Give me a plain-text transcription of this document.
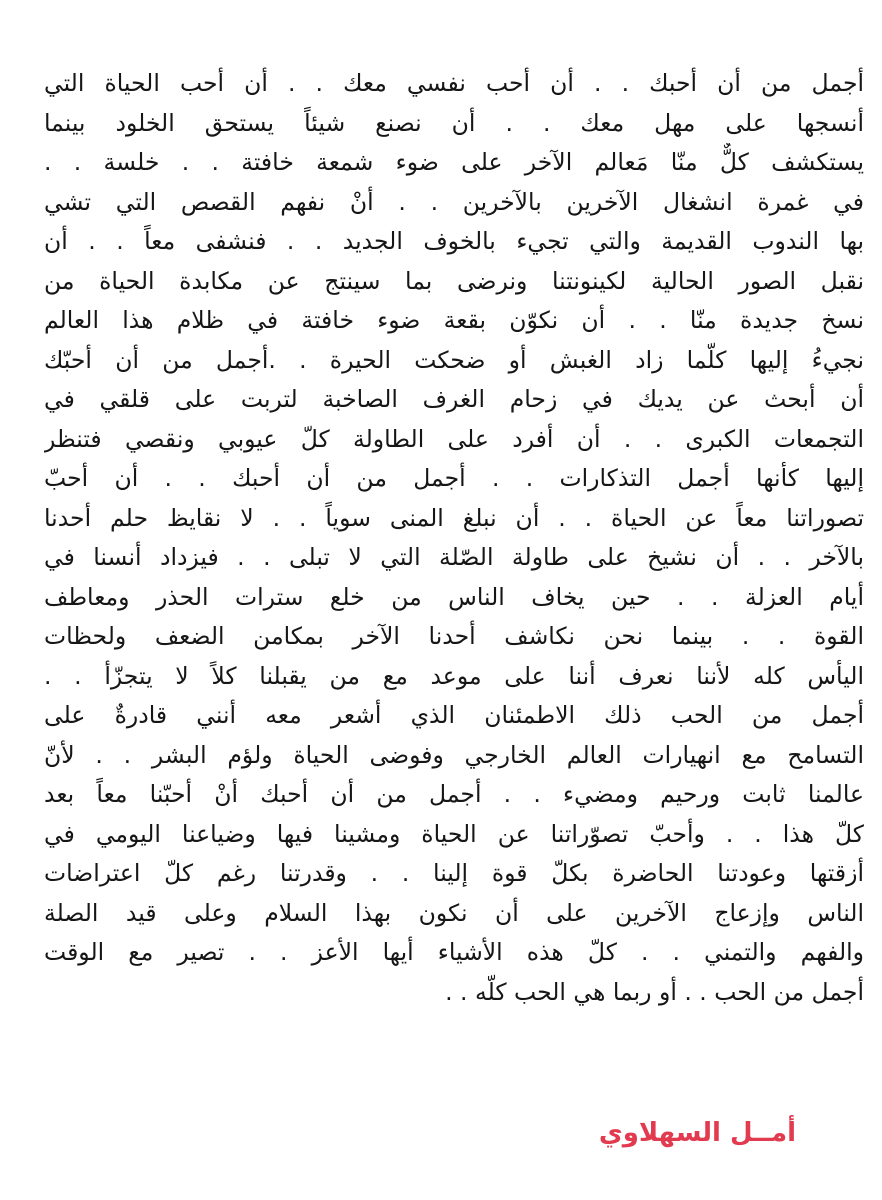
أجمل من أن أحبك . . أن أحب نفسي معك . . أن أحب الحياة التي
أنسجها على مهل معك . . أن نصنع شيئاً يستحق الخلود بينما
يستكشف كلٌّ منّا مَعالم الآخر على ضوء شمعة خافتة . . خلسة . .
في غمرة انشغال الآخرين بالآخرين . . أنْ نفهم القصص التي تشي
بها الندوب القديمة والتي تجيء بالخوف الجديد . . فنشفى معاً . . أن
نقبل الصور الحالية لكينونتنا ونرضى بما سينتج عن مكابدة الحياة من
نسخ جديدة منّا . . أن نكوّن بقعة ضوء خافتة في ظلام هذا العالم
نجيءُ إليها كلّما زاد الغبش أو ضحكت الحيرة . .أجمل من أن أحبّك
أن أبحث عن يديك في زحام الغرف الصاخبة لتربت على قلقي في
التجمعات الكبرى . . أن أفرد على الطاولة كلّ عيوبي ونقصي فتنظر
إليها كأنها أجمل التذكارات . . أجمل من أن أحبك . . أن أحبّ
تصوراتنا معاً عن الحياة . . أن نبلغ المنى سوياً . . لا نقايظ حلم أحدنا
بالآخر . . أن نشيخ على طاولة الصّلة التي لا تبلى . . فيزداد أنسنا في
أيام العزلة . . حين يخاف الناس من خلع سترات الحذر ومعاطف
القوة . . بينما نحن نكاشف أحدنا الآخر بمكامن الضعف ولحظات
اليأس كله لأننا نعرف أننا على موعد مع من يقبلنا كلاً لا يتجزّأ . .
أجمل من الحب ذلك الاطمئنان الذي أشعر معه أنني قادرةٌ على
التسامح مع انهيارات العالم الخارجي وفوضى الحياة ولؤم البشر . . لأنّ
عالمنا ثابت ورحيم ومضيء . . أجمل من أن أحبك أنْ أحبّنا معاً بعد
كلّ هذا . . وأحبّ تصوّراتنا عن الحياة ومشينا فيها وضياعنا اليومي في
أزقتها وعودتنا الحاضرة بكلّ قوة إلينا . . وقدرتنا رغم كلّ اعتراضات
الناس وإزعاج الآخرين على أن نكون بهذا السلام وعلى قيد الصلة
والفهم والتمني . . كلّ هذه الأشياء أيها الأعز . . تصير مع الوقت
أجمل من الحب . . أو ربما هي الحب كلّه . .
أمــل السهلاوي
